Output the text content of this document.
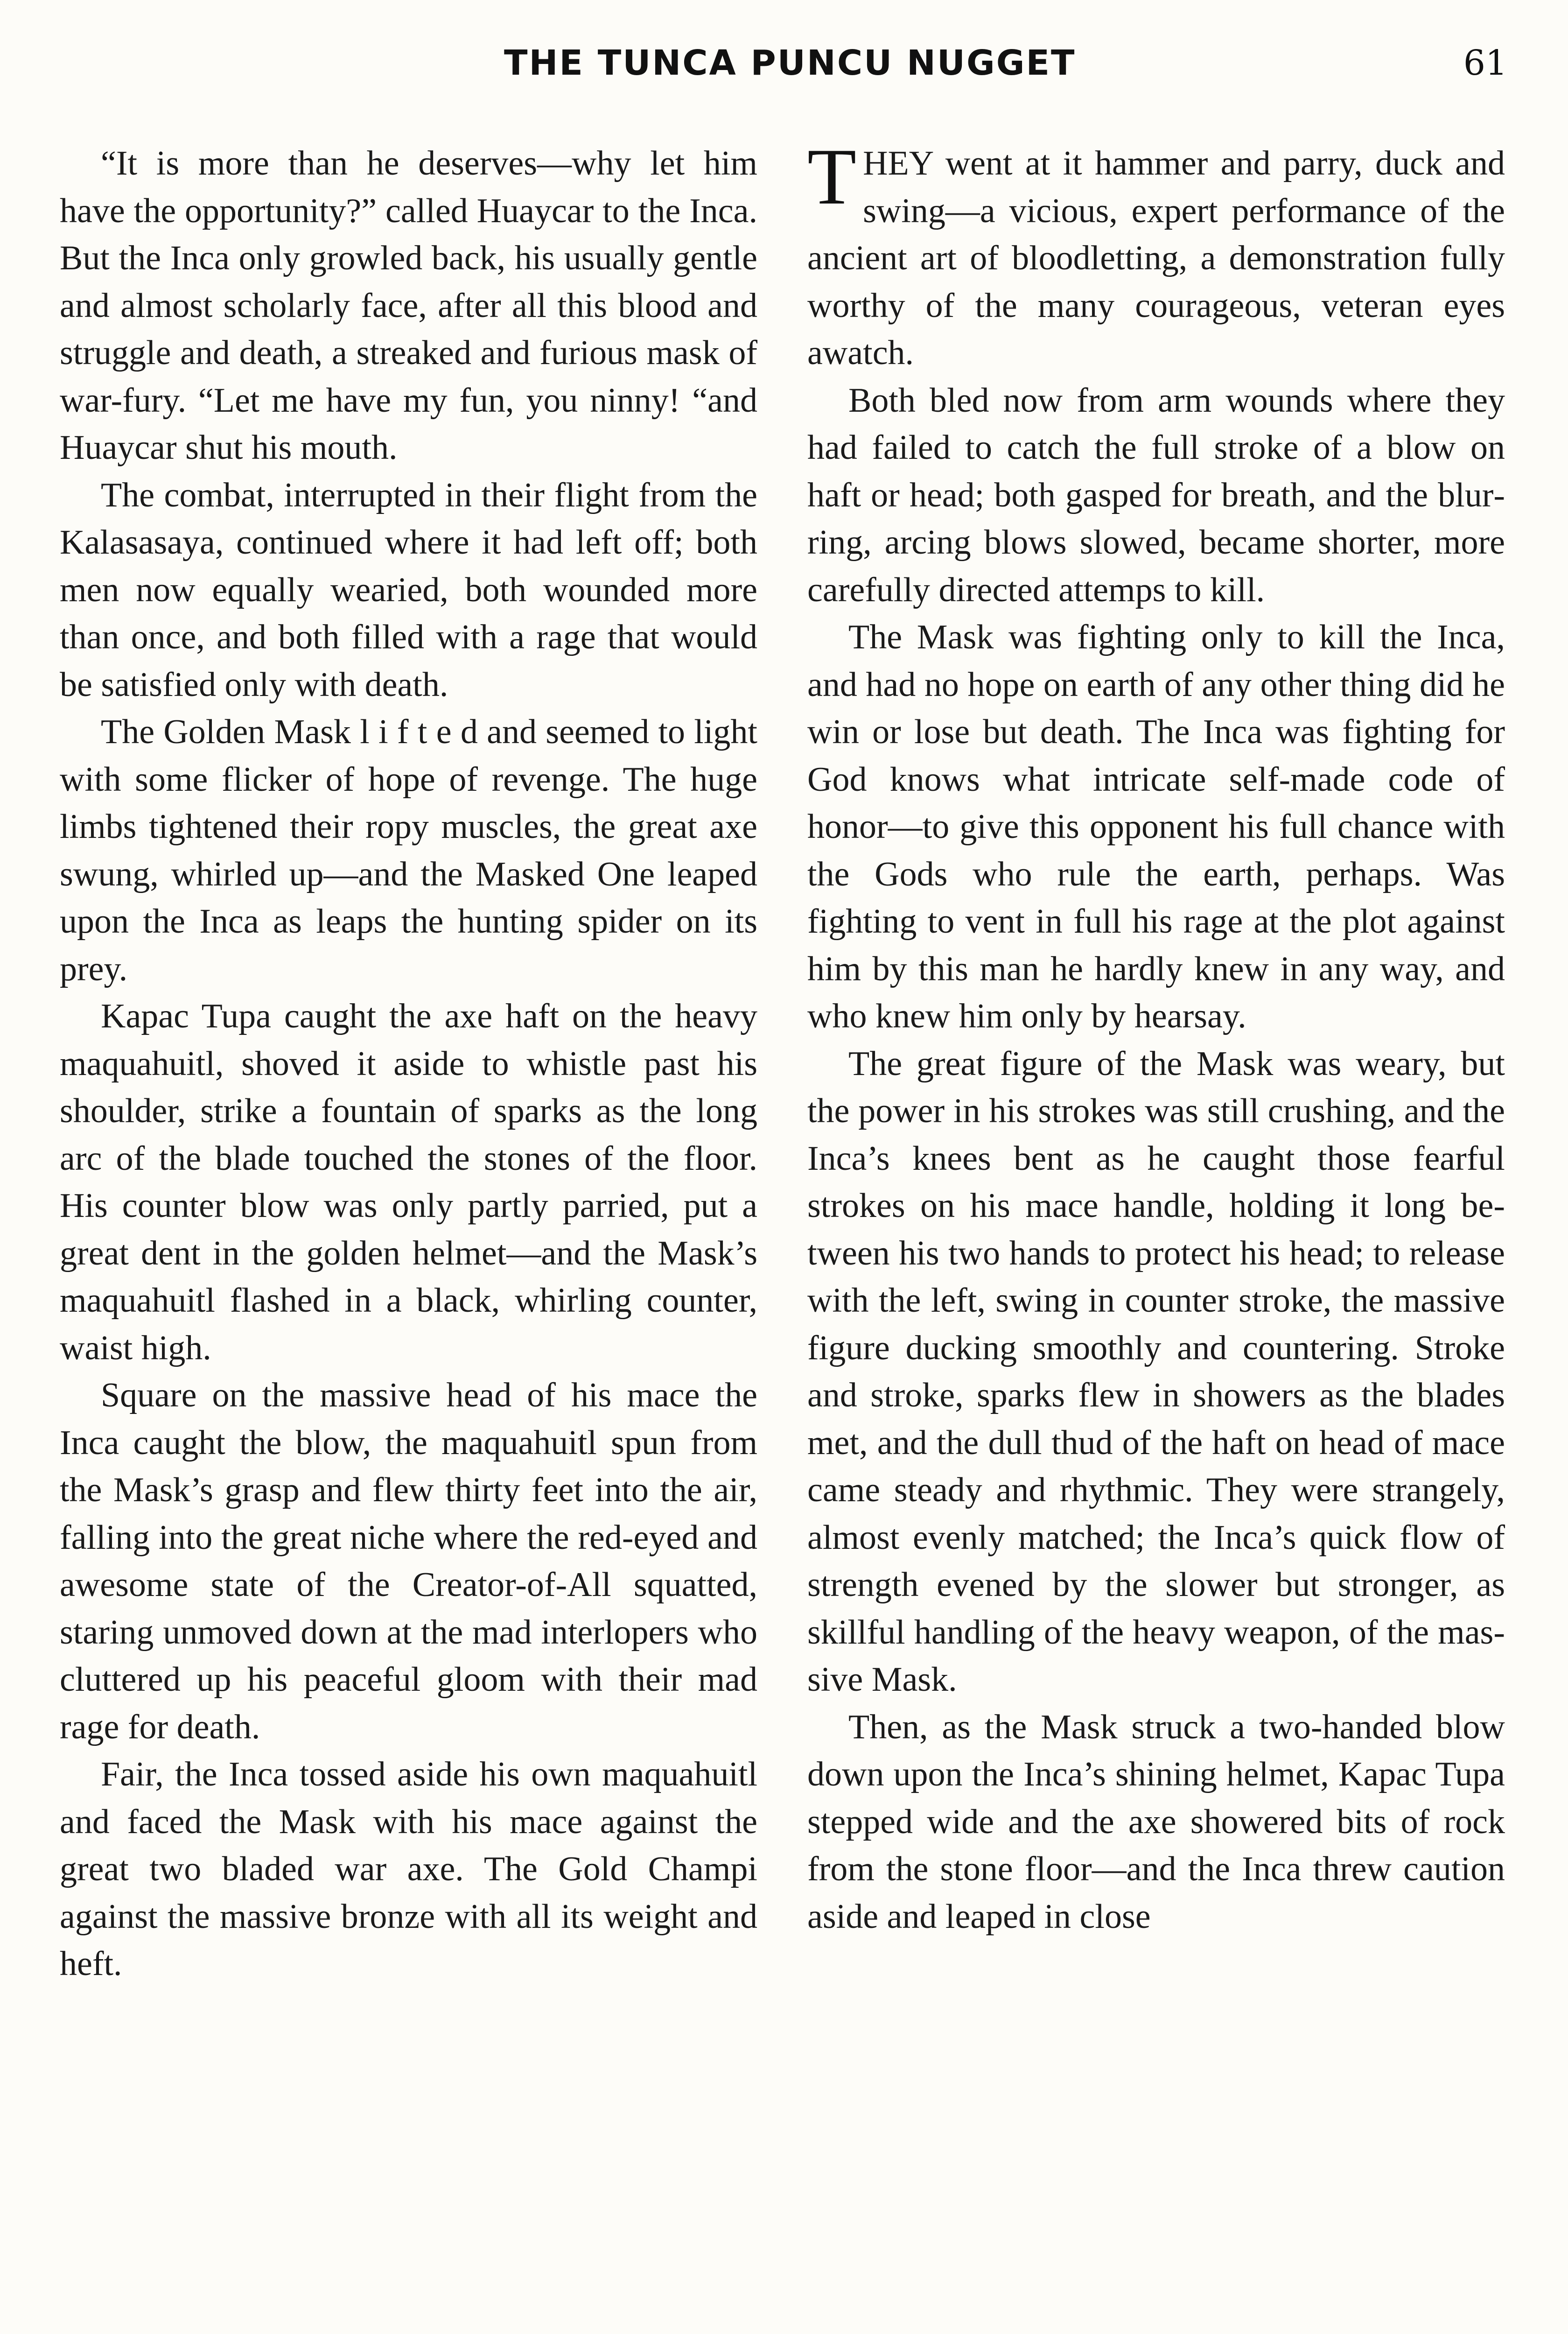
THE TUNCA PUNCU NUGGET	61

“It is more than he deserves—why let him have the opportunity?” called Huaycar to the Inca. But the Inca only growled back, his usually gentle and almost scholarly face, after all this blood and struggle and death, a streaked and furious mask of war-fury. “Let me have my fun, you ninny! “and Huaycar shut his mouth.

The combat, interrupted in their flight from the Kalasasaya, continued where it had left off; both men now equally wearied, both wounded more than once, and both filled with a rage that would be satisfied only with death.

The Golden Mask l i f t e d and seemed to light with some flicker of hope of revenge. The huge limbs tightened their ropy muscles, the great axe swung, whirled up—and the Masked One leaped upon the Inca as leaps the hunting spider on its prey.

Kapac Tupa caught the axe haft on the heavy maquahuitl, shoved it aside to whistle past his shoulder, strike a fountain of sparks as the long arc of the blade touched the stones of the floor. His counter blow was only partly parried, put a great dent in the golden helmet—and the Mask’s maquahuitl flashed in a black, whirling counter, waist high.

Square on the massive head of his mace the Inca caught the blow, the maquahuitl spun from the Mask’s grasp and flew thirty feet into the air, falling into the great niche where the red-eyed and awesome state of the Creator-of-All squatted, staring unmoved down at the mad interlopers who cluttered up his peaceful gloom with their mad rage for death.

Fair, the Inca tossed aside his own maquahuitl and faced the Mask with his mace against the great two bladed war axe. The Gold Champi against the massive bronze with all its weight and heft.

THEY went at it hammer and parry, duck and swing—a vicious, expert performance of the ancient art of bloodletting, a demonstration fully worthy of the many courageous, veteran eyes awatch.

Both bled now from arm wounds where they had failed to catch the full stroke of a blow on haft or head; both gasped for breath, and the blurring, arcing blows slowed, became shorter, more carefully directed attemps to kill.

The Mask was fighting only to kill the Inca, and had no hope on earth of any other thing did he win or lose but death. The Inca was fighting for God knows what intricate self-made code of honor—to give this opponent his full chance with the Gods who rule the earth, perhaps. Was fighting to vent in full his rage at the plot against him by this man he hardly knew in any way, and who knew him only by hearsay.

The great figure of the Mask was weary, but the power in his strokes was still crushing, and the Inca’s knees bent as he caught those fearful strokes on his mace handle, holding it long between his two hands to protect his head; to release with the left, swing in counter stroke, the massive figure ducking smoothly and countering. Stroke and stroke, sparks flew in showers as the blades met, and the dull thud of the haft on head of mace came steady and rhythmic. They were strangely, almost evenly matched; the Inca’s quick flow of strength evened by the slower but stronger, as skillful handling of the heavy weapon, of the massive Mask.

Then, as the Mask struck a two-handed blow down upon the Inca’s shining helmet, Kapac Tupa stepped wide and the axe showered bits of rock from the stone floor—and the Inca threw caution aside and leaped in close
